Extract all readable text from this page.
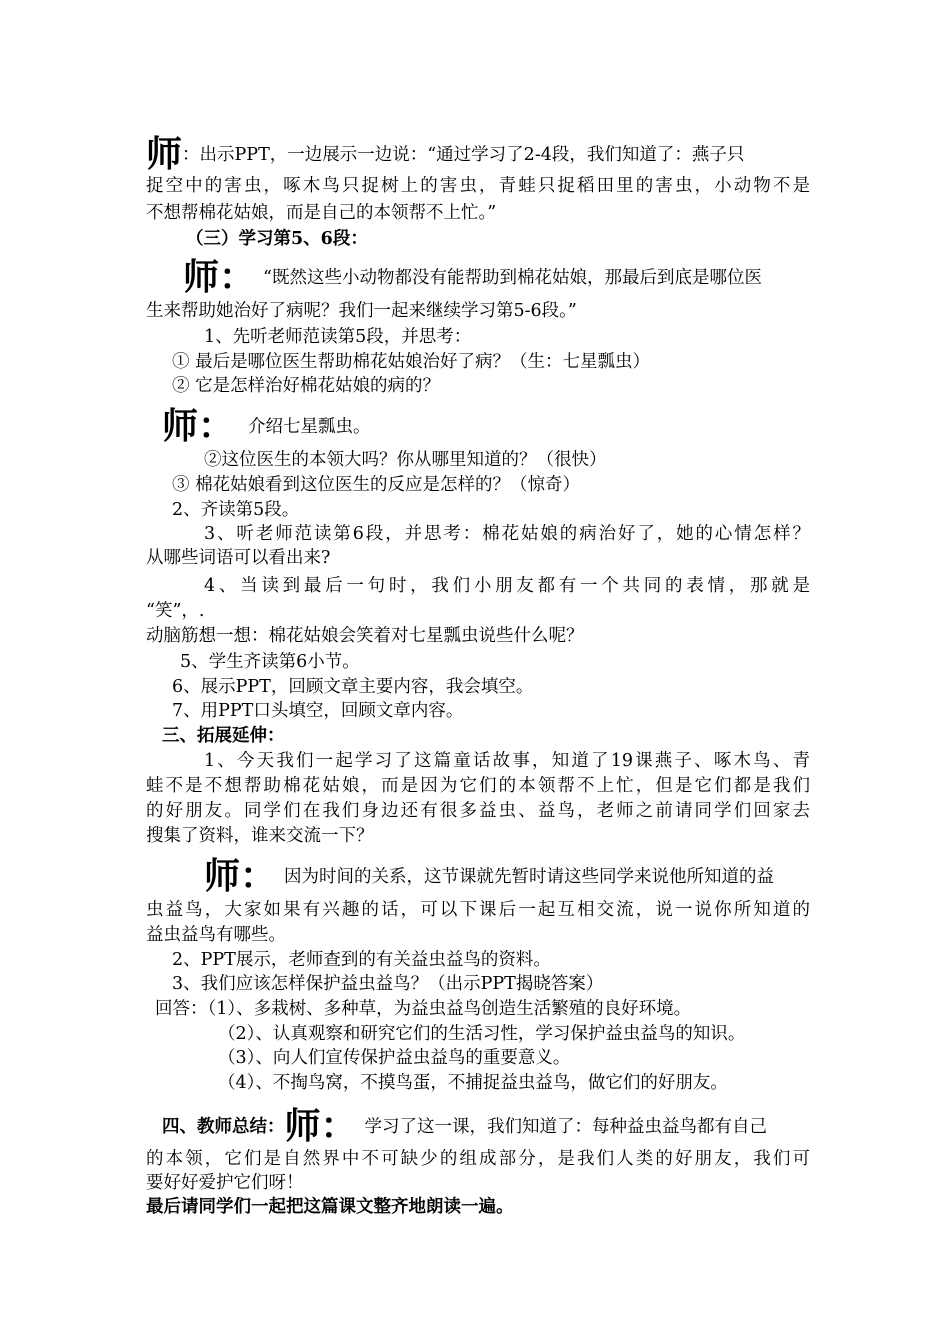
师：出示PPT，一边展示一边说：“通过学习了2-4段，我们知道了：燕子只
捉空中的害虫，啄木鸟只捉树上的害虫，青蛙只捉稻田里的害虫，小动物不是
不想帮棉花姑娘，而是自己的本领帮不上忙。”
（三）学习第5、6段：
师： “既然这些小动物都没有能帮助到棉花姑娘，那最后到底是哪位医
生来帮助她治好了病呢？我们一起来继续学习第5-6段。”
1、先听老师范读第5段，并思考：
① 最后是哪位医生帮助棉花姑娘治好了病？（生：七星瓢虫）
② 它是怎样治好棉花姑娘的病的？
师： 介绍七星瓢虫。
②这位医生的本领大吗？你从哪里知道的？（很快）
③ 棉花姑娘看到这位医生的反应是怎样的？（惊奇）
2、齐读第5段。
3、听老师范读第6段，并思考：棉花姑娘的病治好了，她的心情怎样？
从哪些词语可以看出来?
4、当读到最后一句时，我们小朋友都有一个共同的表情，那就是
“笑”，.
动脑筋想一想：棉花姑娘会笑着对七星瓢虫说些什么呢？
5、学生齐读第6小节。
6、展示PPT，回顾文章主要内容，我会填空。
7、用PPT口头填空，回顾文章内容。
三、拓展延伸：
1、今天我们一起学习了这篇童话故事，知道了19课燕子、啄木鸟、青
蛙不是不想帮助棉花姑娘，而是因为它们的本领帮不上忙，但是它们都是我们
的好朋友。同学们在我们身边还有很多益虫、益鸟，老师之前请同学们回家去
搜集了资料，谁来交流一下？
师： 因为时间的关系，这节课就先暂时请这些同学来说他所知道的益
虫益鸟，大家如果有兴趣的话，可以下课后一起互相交流，说一说你所知道的
益虫益鸟有哪些。
2、PPT展示，老师查到的有关益虫益鸟的资料。
3、我们应该怎样保护益虫益鸟？（出示PPT揭晓答案）
回答：（1）、多栽树、多种草，为益虫益鸟创造生活繁殖的良好环境。
（2）、认真观察和研究它们的生活习性，学习保护益虫益鸟的知识。
（3）、向人们宣传保护益虫益鸟的重要意义。
（4）、不掏鸟窝，不摸鸟蛋，不捕捉益虫益鸟，做它们的好朋友。
四、教师总结：师： 学习了这一课，我们知道了：每种益虫益鸟都有自己
的本领，它们是自然界中不可缺少的组成部分，是我们人类的好朋友，我们可
要好好爱护它们呀！
最后请同学们一起把这篇课文整齐地朗读一遍。
